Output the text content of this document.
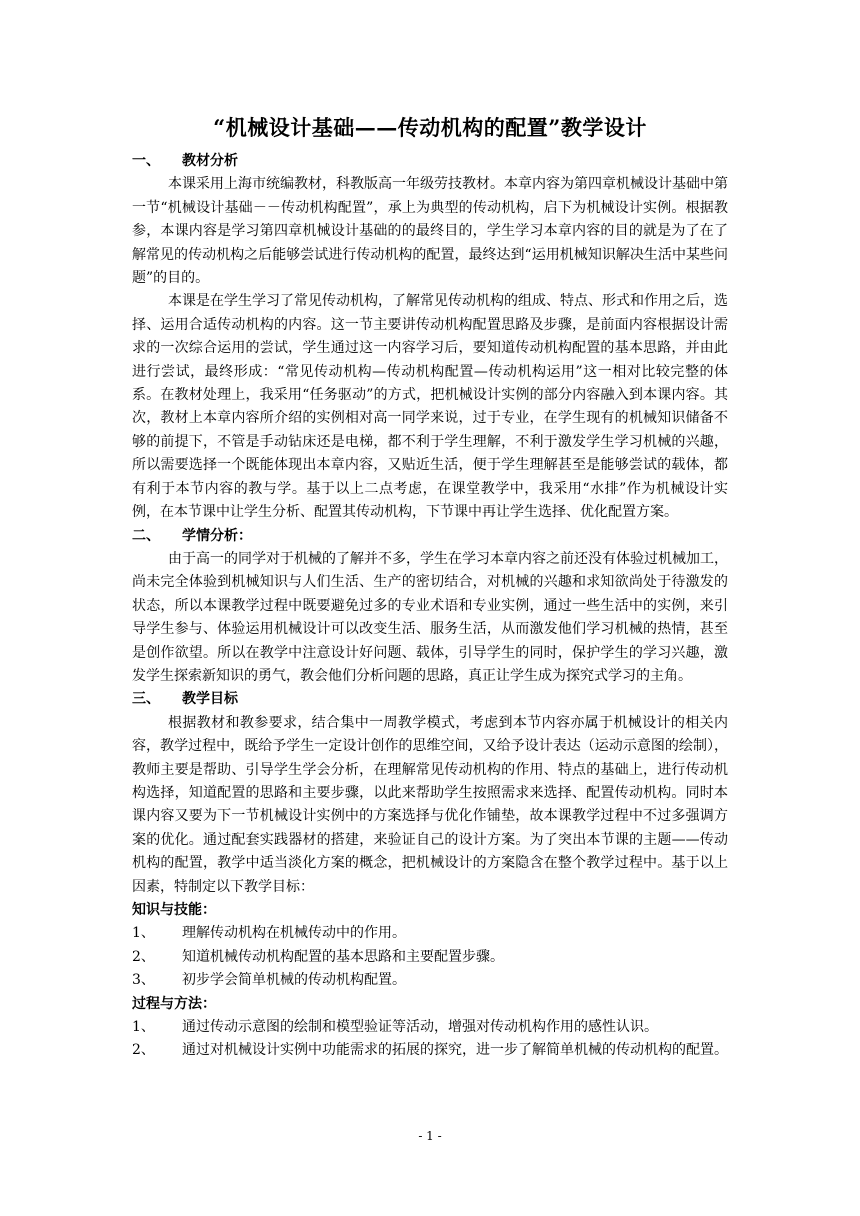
“机械设计基础——传动机构的配置”教学设计
一、	教材分析

本课采用上海市统编教材，科教版高一年级劳技教材。本章内容为第四章机械设计基础中第一节“机械设计基础－－传动机构配置”，承上为典型的传动机构，启下为机械设计实例。根据教参，本课内容是学习第四章机械设计基础的的最终目的，学生学习本章内容的目的就是为了在了解常见的传动机构之后能够尝试进行传动机构的配置，最终达到“运用机械知识解决生活中某些问题”的目的。

本课是在学生学习了常见传动机构，了解常见传动机构的组成、特点、形式和作用之后，选择、运用合适传动机构的内容。这一节主要讲传动机构配置思路及步骤，是前面内容根据设计需求的一次综合运用的尝试，学生通过这一内容学习后，要知道传动机构配置的基本思路，并由此进行尝试，最终形成：“常见传动机构—传动机构配置—传动机构运用”这一相对比较完整的体系。在教材处理上，我采用“任务驱动”的方式，把机械设计实例的部分内容融入到本课内容。其次，教材上本章内容所介绍的实例相对高一同学来说，过于专业，在学生现有的机械知识储备不够的前提下，不管是手动钻床还是电梯，都不利于学生理解，不利于激发学生学习机械的兴趣，所以需要选择一个既能体现出本章内容，又贴近生活，便于学生理解甚至是能够尝试的载体，都有利于本节内容的教与学。基于以上二点考虑，在课堂教学中，我采用“水排”作为机械设计实例，在本节课中让学生分析、配置其传动机构，下节课中再让学生选择、优化配置方案。

二、	学情分析：

由于高一的同学对于机械的了解并不多，学生在学习本章内容之前还没有体验过机械加工，尚未完全体验到机械知识与人们生活、生产的密切结合，对机械的兴趣和求知欲尚处于待激发的状态，所以本课教学过程中既要避免过多的专业术语和专业实例，通过一些生活中的实例，来引导学生参与、体验运用机械设计可以改变生活、服务生活，从而激发他们学习机械的热情，甚至是创作欲望。所以在教学中注意设计好问题、载体，引导学生的同时，保护学生的学习兴趣，激发学生探索新知识的勇气，教会他们分析问题的思路，真正让学生成为探究式学习的主角。

三、	教学目标

根据教材和教参要求，结合集中一周教学模式，考虑到本节内容亦属于机械设计的相关内容，教学过程中，既给予学生一定设计创作的思维空间，又给予设计表达（运动示意图的绘制），教师主要是帮助、引导学生学会分析，在理解常见传动机构的作用、特点的基础上，进行传动机构选择，知道配置的思路和主要步骤，以此来帮助学生按照需求来选择、配置传动机构。同时本课内容又要为下一节机械设计实例中的方案选择与优化作铺垫，故本课教学过程中不过多强调方案的优化。通过配套实践器材的搭建，来验证自己的设计方案。为了突出本节课的主题——传动机构的配置，教学中适当淡化方案的概念，把机械设计的方案隐含在整个教学过程中。基于以上因素，特制定以下教学目标：

知识与技能：

1、	理解传动机构在机械传动中的作用。
2、	知道机械传动机构配置的基本思路和主要配置步骤。
3、	初步学会简单机械的传动机构配置。

过程与方法：

1、	通过传动示意图的绘制和模型验证等活动，增强对传动机构作用的感性认识。
2、	通过对机械设计实例中功能需求的拓展的探究，进一步了解简单机械的传动机构的配置。
- 1 -
